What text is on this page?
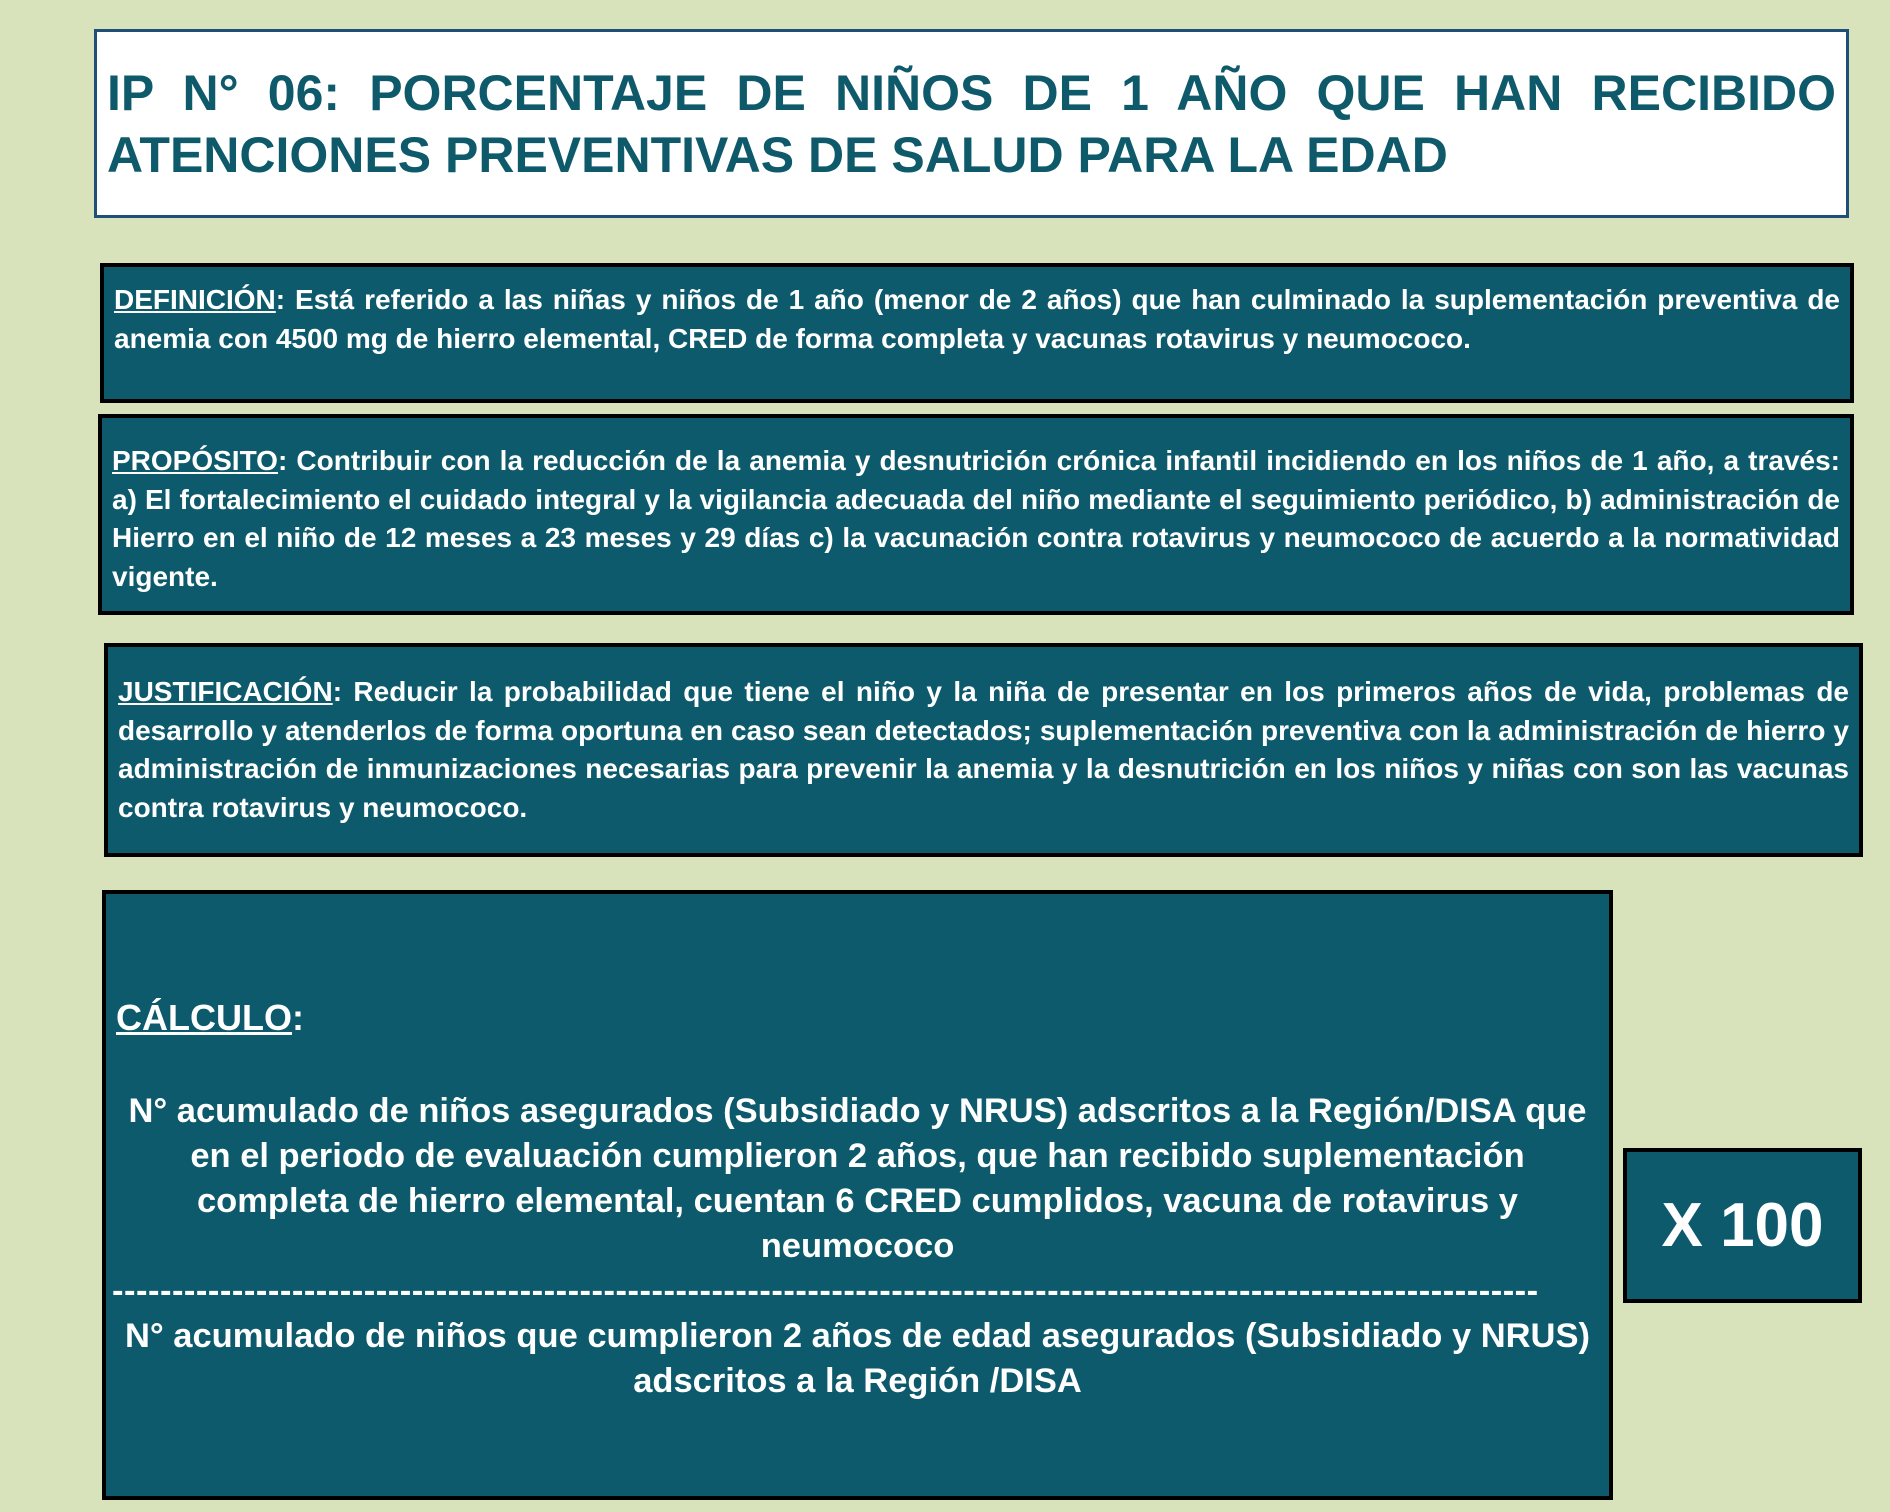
IP N° 06: PORCENTAJE DE NIÑOS DE 1 AÑO QUE HAN RECIBIDO ATENCIONES PREVENTIVAS DE SALUD PARA LA EDAD

DEFINICIÓN: Está referido a las niñas y niños de 1 año (menor de 2 años) que han culminado la suplementación preventiva de anemia con 4500 mg de hierro elemental, CRED de forma completa y vacunas rotavirus y neumococo.

PROPÓSITO: Contribuir con la reducción de la anemia y desnutrición crónica infantil incidiendo en los niños de 1 año, a través: a) El fortalecimiento el cuidado integral y la vigilancia adecuada del niño mediante el seguimiento periódico, b) administración de Hierro en el niño de 12 meses a 23 meses y 29 días c) la vacunación contra rotavirus y neumococo de acuerdo a la normatividad vigente.

JUSTIFICACIÓN: Reducir la probabilidad que tiene el niño y la niña de presentar en los primeros años de vida, problemas de desarrollo y atenderlos de forma oportuna en caso sean detectados; suplementación preventiva con la administración de hierro y administración de inmunizaciones necesarias para prevenir la anemia y la desnutrición en los niños y niñas con son las vacunas contra rotavirus y neumococo.

CÁLCULO:

N° acumulado de niños asegurados (Subsidiado y NRUS) adscritos a la Región/DISA que en el periodo de evaluación cumplieron 2 años, que han recibido suplementación completa de hierro elemental, cuentan 6 CRED cumplidos, vacuna de rotavirus y neumococo
-----------------------------------------------------------------------------------------------------------------------
N° acumulado de niños que cumplieron 2 años de edad asegurados (Subsidiado y NRUS) adscritos a la Región /DISA

X 100
